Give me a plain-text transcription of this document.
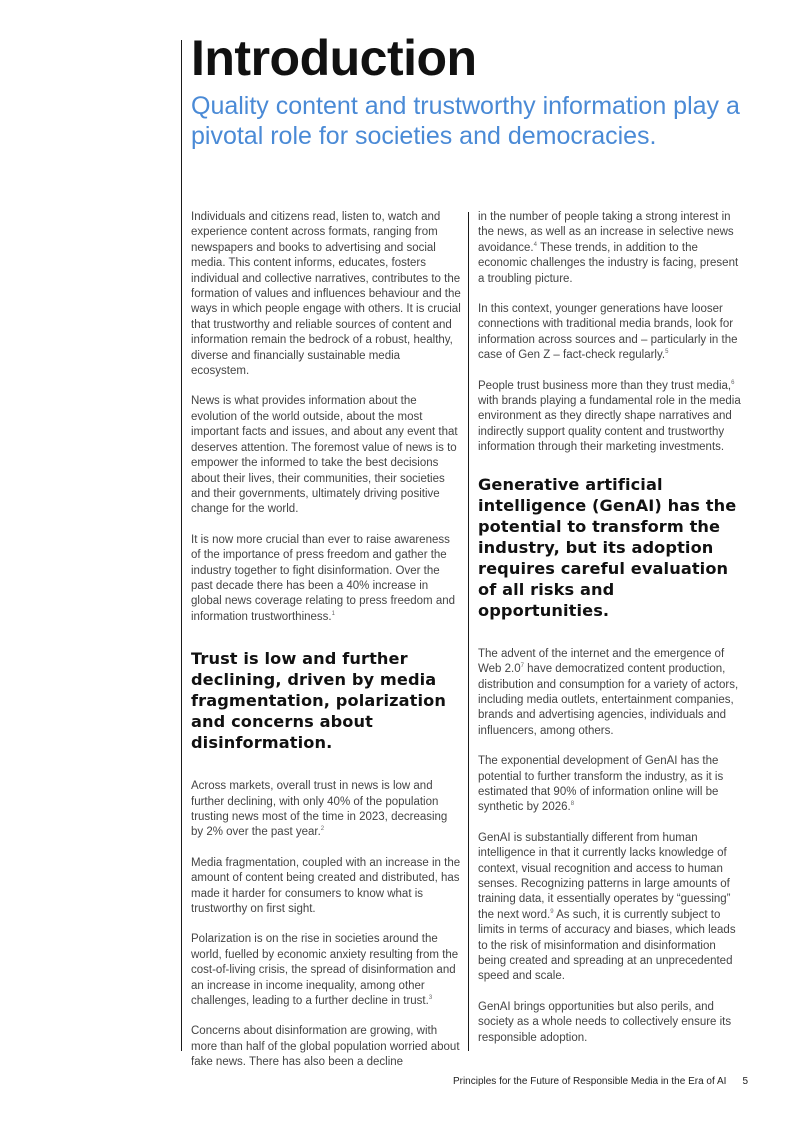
Introduction
Quality content and trustworthy information play a pivotal role for societies and democracies.

Individuals and citizens read, listen to, watch and experience content across formats, ranging from newspapers and books to advertising and social media. This content informs, educates, fosters individual and collective narratives, contributes to the formation of values and influences behaviour and the ways in which people engage with others. It is crucial that trustworthy and reliable sources of content and information remain the bedrock of a robust, healthy, diverse and financially sustainable media ecosystem.

News is what provides information about the evolution of the world outside, about the most important facts and issues, and about any event that deserves attention. The foremost value of news is to empower the informed to take the best decisions about their lives, their communities, their societies and their governments, ultimately driving positive change for the world.

It is now more crucial than ever to raise awareness of the importance of press freedom and gather the industry together to fight disinformation. Over the past decade there has been a 40% increase in global news coverage relating to press freedom and information trustworthiness.$^1$

Trust is low and further declining, driven by media fragmentation, polarization and concerns about disinformation.

Across markets, overall trust in news is low and further declining, with only 40% of the population trusting news most of the time in 2023, decreasing by 2% over the past year.$^2$

Media fragmentation, coupled with an increase in the amount of content being created and distributed, has made it harder for consumers to know what is trustworthy on first sight.

Polarization is on the rise in societies around the world, fuelled by economic anxiety resulting from the cost-of-living crisis, the spread of disinformation and an increase in income inequality, among other challenges, leading to a further decline in trust.$^3$

Concerns about disinformation are growing, with more than half of the global population worried about fake news. There has also been a decline

in the number of people taking a strong interest in the news, as well as an increase in selective news avoidance.$^4$ These trends, in addition to the economic challenges the industry is facing, present a troubling picture.

In this context, younger generations have looser connections with traditional media brands, look for information across sources and – particularly in the case of Gen Z – fact-check regularly.$^5$

People trust business more than they trust media,$^6$ with brands playing a fundamental role in the media environment as they directly shape narratives and indirectly support quality content and trustworthy information through their marketing investments.

Generative artificial intelligence (GenAI) has the potential to transform the industry, but its adoption requires careful evaluation of all risks and opportunities.

The advent of the internet and the emergence of Web $2.0^7$ have democratized content production, distribution and consumption for a variety of actors, including media outlets, entertainment companies, brands and advertising agencies, individuals and influencers, among others.

The exponential development of GenAI has the potential to further transform the industry, as it is estimated that 90% of information online will be synthetic by 2026.$^8$

GenAI is substantially different from human intelligence in that it currently lacks knowledge of context, visual recognition and access to human senses. Recognizing patterns in large amounts of training data, it essentially operates by “guessing” the next word.$^9$ As such, it is currently subject to limits in terms of accuracy and biases, which leads to the risk of misinformation and disinformation being created and spreading at an unprecedented speed and scale.

GenAI brings opportunities but also perils, and society as a whole needs to collectively ensure its responsible adoption.

Principles for the Future of Responsible Media in the Era of AI 5
